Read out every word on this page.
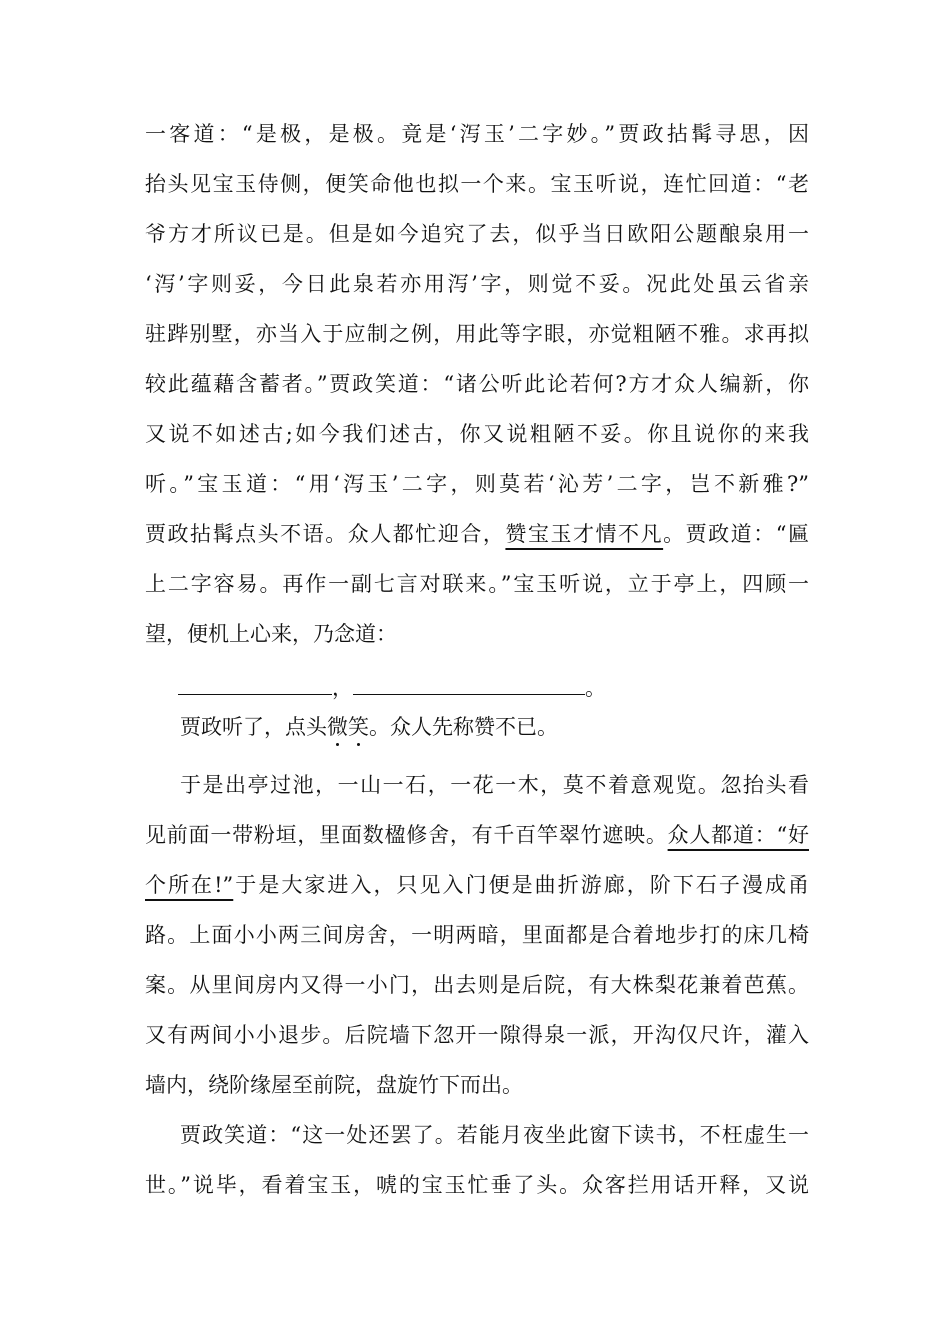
一客道：“是极，是极。竟是‘泻玉’二字妙。”贾政拈髯寻思，因
抬头见宝玉侍侧，便笑命他也拟一个来。宝玉听说，连忙回道：“老
爷方才所议已是。但是如今追究了去，似乎当日欧阳公题酿泉用一
‘泻’字则妥，今日此泉若亦用泻’字，则觉不妥。况此处虽云省亲
驻跸别墅，亦当入于应制之例，用此等字眼，亦觉粗陋不雅。求再拟
较此蕴藉含蓄者。”贾政笑道：“诸公听此论若何?方才众人编新，你
又说不如述古;如今我们述古，你又说粗陋不妥。你且说你的来我
听。”宝玉道：“用‘泻玉’二字，则莫若‘沁芳’二字，岂不新雅?”
贾政拈髯点头不语。众人都忙迎合，赞宝玉才情不凡。贾政道：“匾
上二字容易。再作一副七言对联来。”宝玉听说，立于亭上，四顾一
望，便机上心来，乃念道：
，	。
贾政听了，点头微笑。众人先称赞不已。
于是出亭过池，一山一石，一花一木，莫不着意观览。忽抬头看
见前面一带粉垣，里面数楹修舍，有千百竿翠竹遮映。众人都道：“好
个所在!”于是大家进入，只见入门便是曲折游廊，阶下石子漫成甬
路。上面小小两三间房舍，一明两暗，里面都是合着地步打的床几椅
案。从里间房内又得一小门，出去则是后院，有大株梨花兼着芭蕉。
又有两间小小退步。后院墙下忽开一隙得泉一派，开沟仅尺许，灌入
墙内，绕阶缘屋至前院，盘旋竹下而出。
贾政笑道：“这一处还罢了。若能月夜坐此窗下读书，不枉虚生一
世。”说毕，看着宝玉，唬的宝玉忙垂了头。众客拦用话开释，又说
